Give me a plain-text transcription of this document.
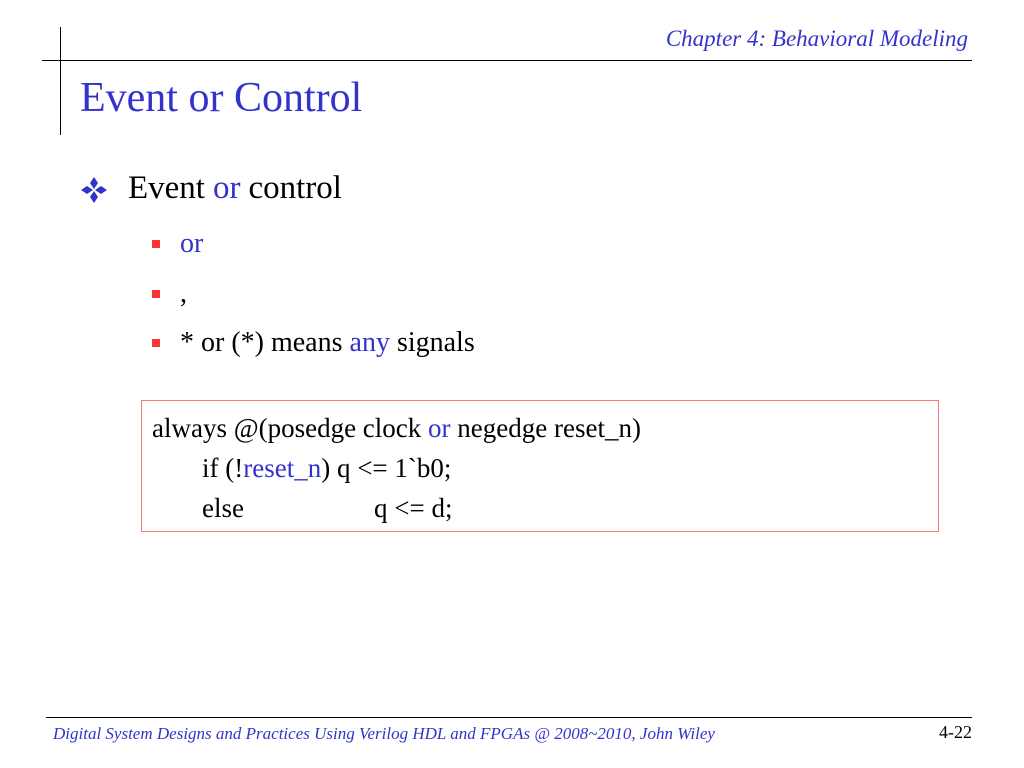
Chapter 4: Behavioral Modeling
Event or Control
Event or control
or
,
* or (*) means any signals
always @(posedge clock or negedge reset_n)
if (!reset_n) q <= 1`b0;
else	q <= d;
Digital System Designs and Practices Using Verilog HDL and FPGAs @ 2008~2010, John Wiley	4-22
